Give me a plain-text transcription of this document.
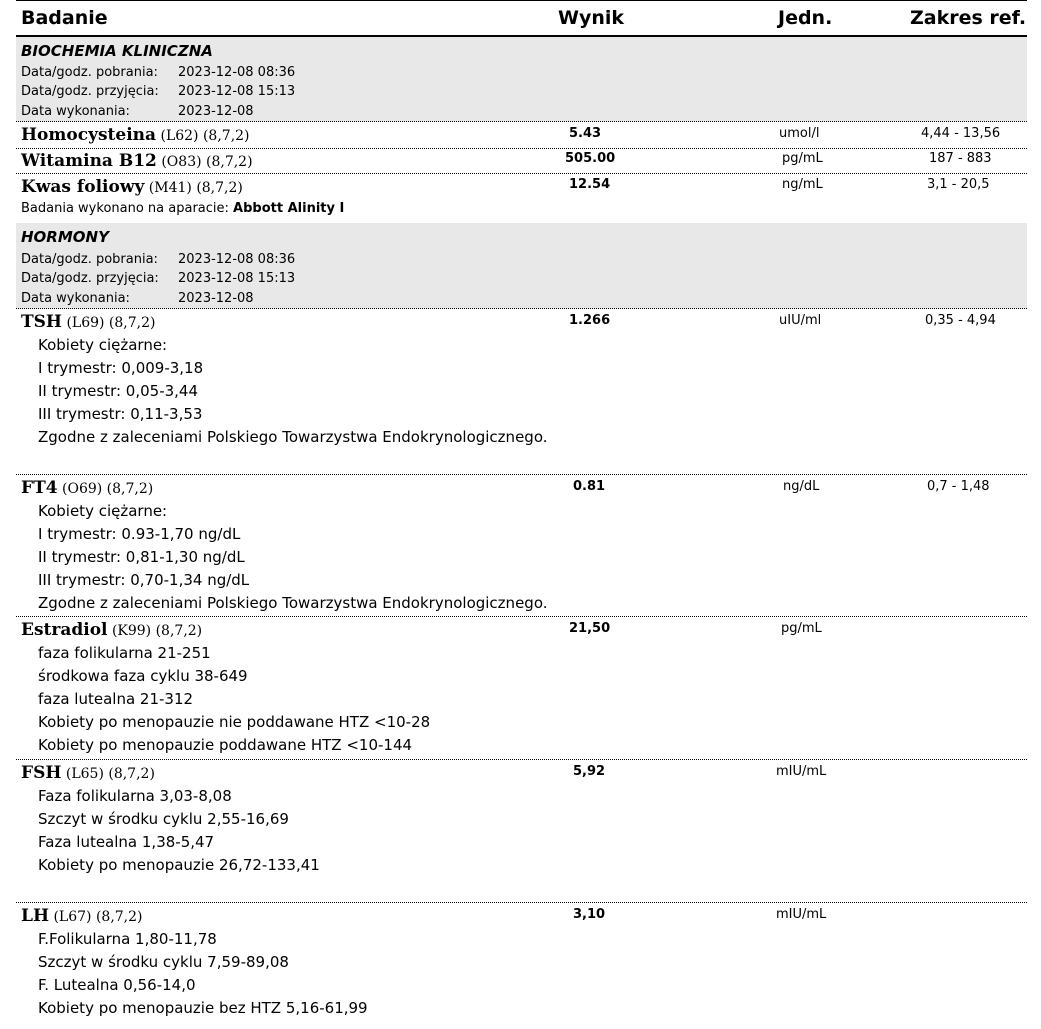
Badanie	Wynik	Jedn.	Zakres ref.
BIOCHEMIA KLINICZNA
Data/godz. pobrania: 2023-12-08 08:36
Data/godz. przyjęcia: 2023-12-08 15:13
Data wykonania:	2023-12-08
Homocysteina (L62) (8,7,2)	5.43	umol/l	4,44 - 13,56
Witamina B12 (O83) (8,7,2)	505.00	pg/mL	187 - 883
Kwas foliowy (M41) (8,7,2)	12.54	ng/mL	3,1 - 20,5
Badania wykonano na aparacie: Abbott Alinity I
HORMONY
Data/godz. pobrania: 2023-12-08 08:36
Data/godz. przyjęcia: 2023-12-08 15:13
Data wykonania:	2023-12-08
TSH (L69) (8,7,2)	1.266	uIU/ml	0,35 - 4,94
Kobiety ciężarne:
I trymestr: 0,009-3,18
II trymestr: 0,05-3,44
III trymestr: 0,11-3,53
Zgodne z zaleceniami Polskiego Towarzystwa Endokrynologicznego.
FT4 (O69) (8,7,2)	0.81	ng/dL	0,7 - 1,48
Kobiety ciężarne:
I trymestr: 0.93-1,70 ng/dL
II trymestr: 0,81-1,30 ng/dL
III trymestr: 0,70-1,34 ng/dL
Zgodne z zaleceniami Polskiego Towarzystwa Endokrynologicznego.
Estradiol (K99) (8,7,2)	21,50	pg/mL
faza folikularna 21-251
środkowa faza cyklu 38-649
faza lutealna 21-312
Kobiety po menopauzie nie poddawane HTZ <10-28
Kobiety po menopauzie poddawane HTZ <10-144
FSH (L65) (8,7,2)	5,92	mIU/mL
Faza folikularna 3,03-8,08
Szczyt w środku cyklu 2,55-16,69
Faza lutealna 1,38-5,47
Kobiety po menopauzie 26,72-133,41
LH (L67) (8,7,2)	3,10	mIU/mL
F.Folikularna 1,80-11,78
Szczyt w środku cyklu 7,59-89,08
F. Lutealna 0,56-14,0
Kobiety po menopauzie bez HTZ 5,16-61,99
